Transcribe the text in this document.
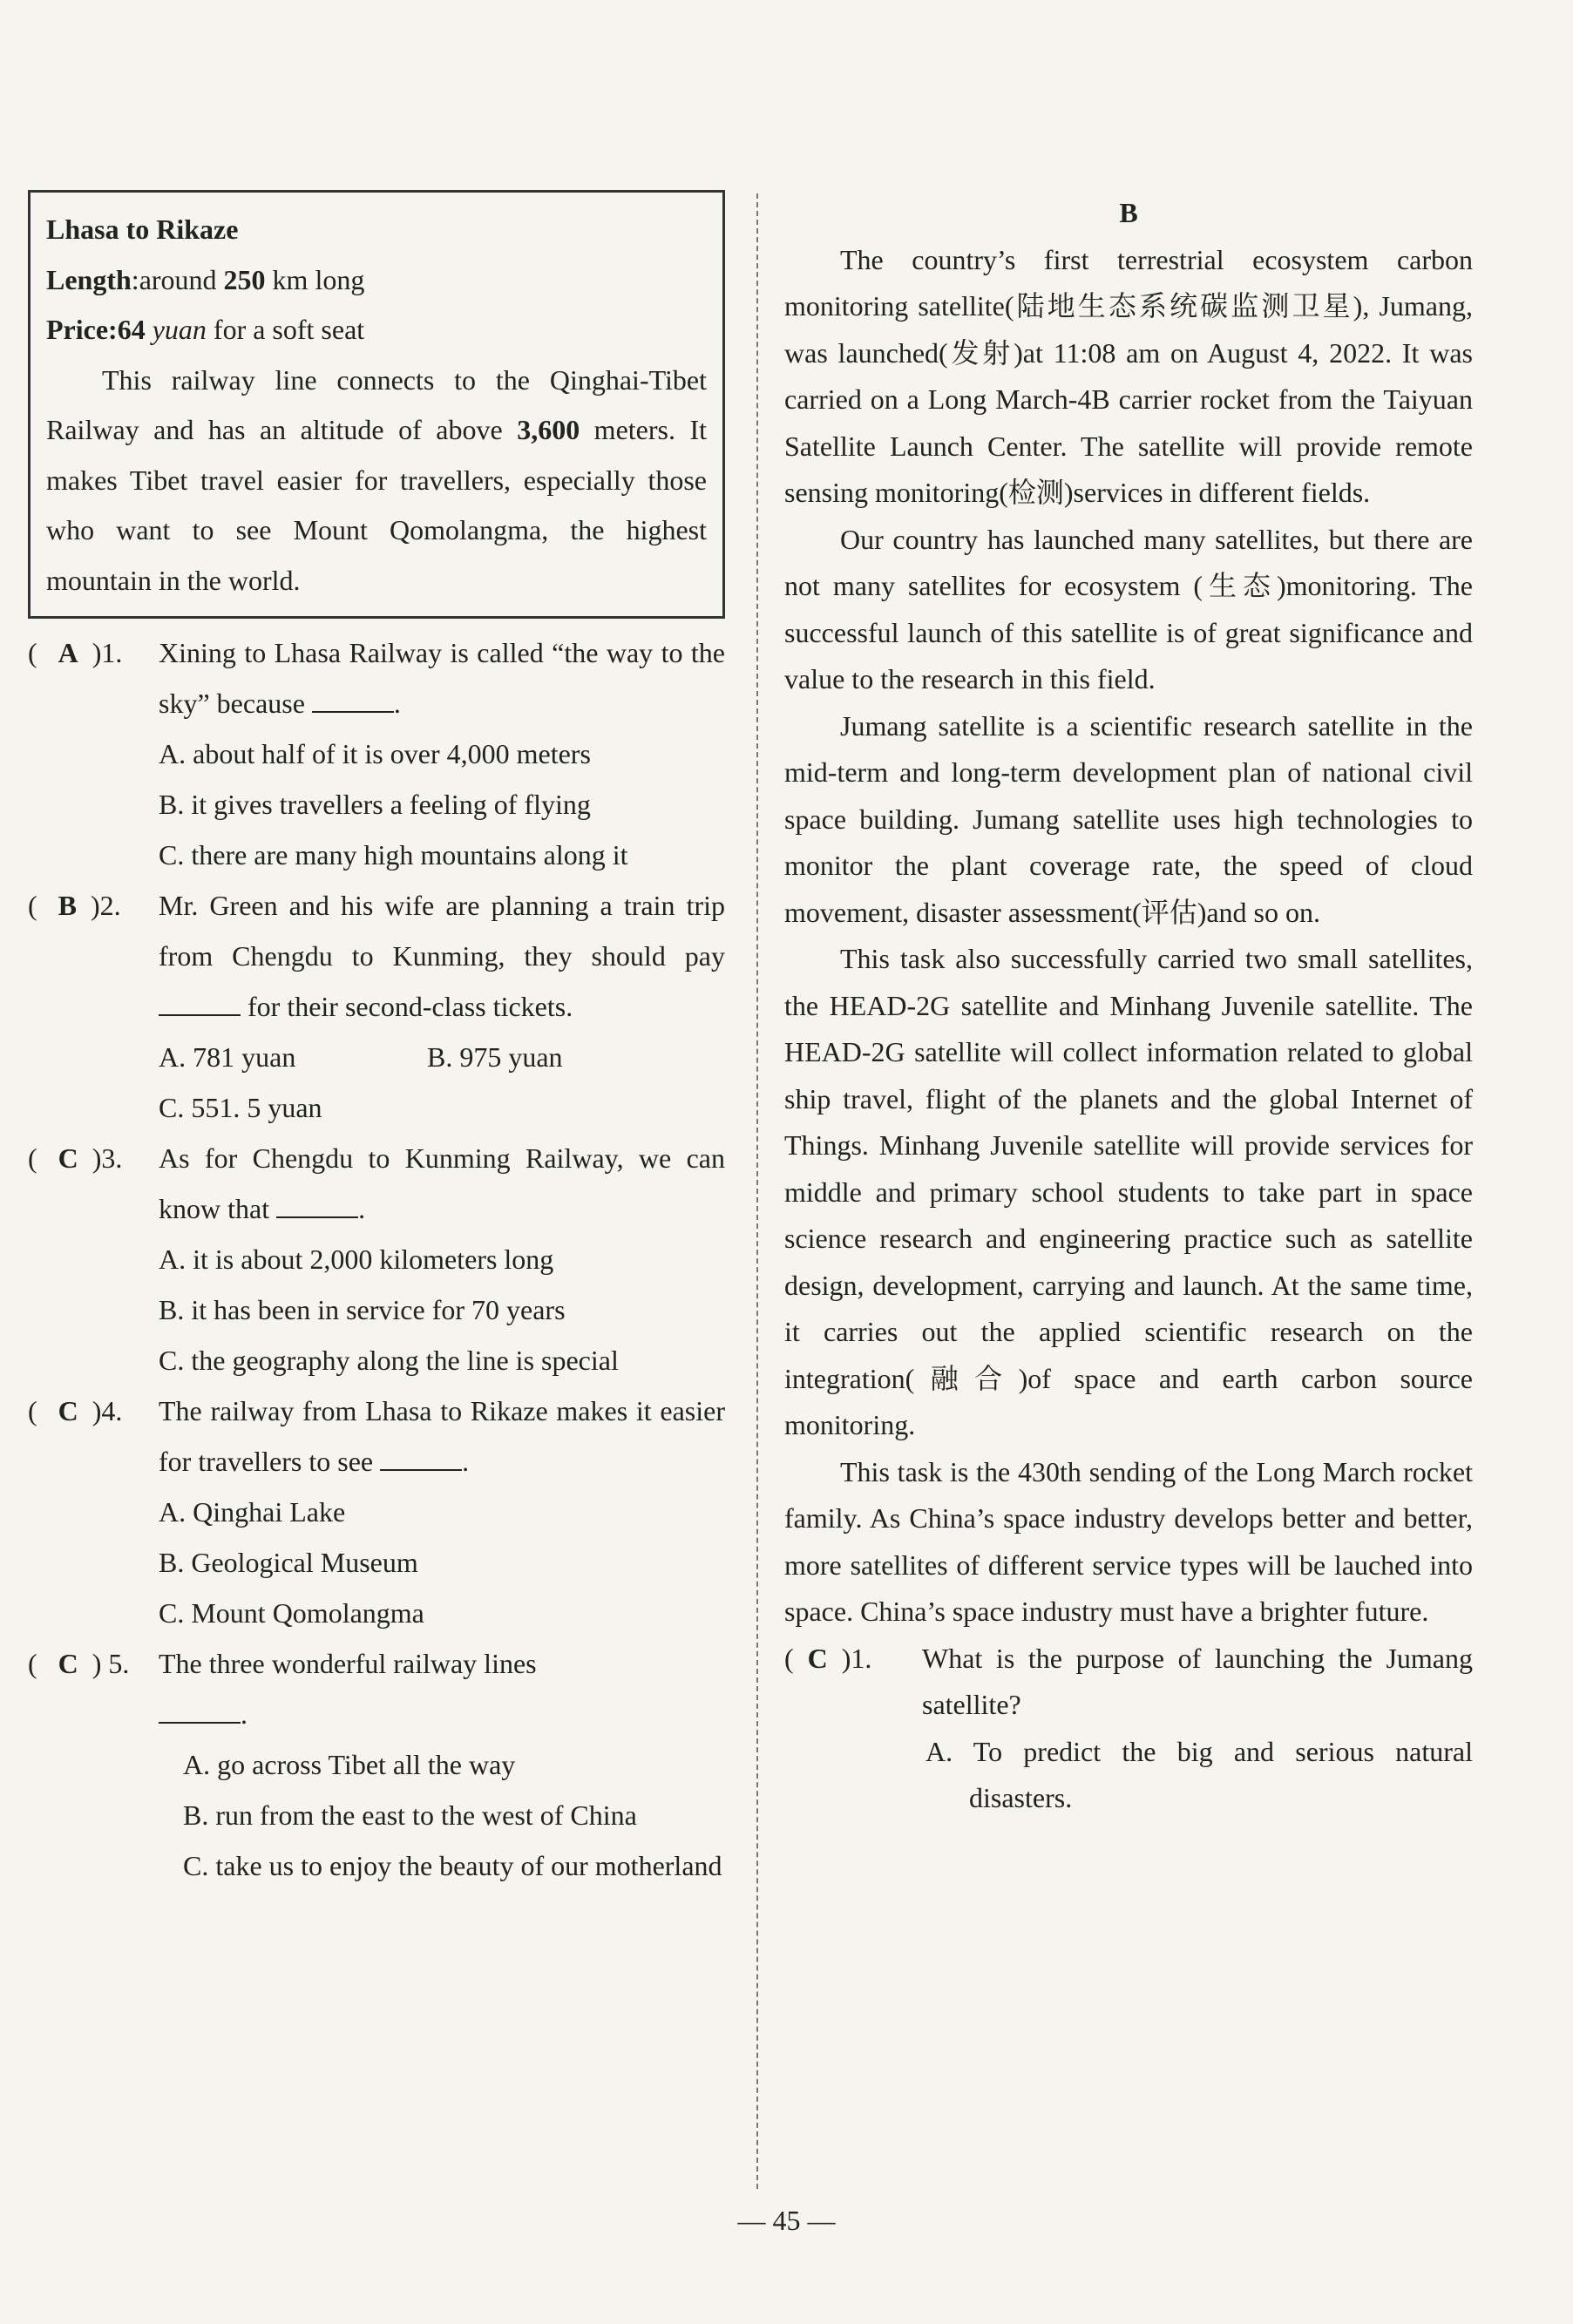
Lhasa to Rikaze
Length:around 250 km long
Price:64 yuan for a soft seat
This railway line connects to the Qinghai-Tibet Railway and has an altitude of above 3,600 meters. It makes Tibet travel easier for travellers, especially those who want to see Mount Qomolangma, the highest mountain in the world.
( A )1.	Xining to Lhasa Railway is called “the way to the sky” because	.
A. about half of it is over 4,000 meters
B. it gives travellers a feeling of flying
C. there are many high mountains along it
( B )2.	Mr. Green and his wife are planning a train trip from Chengdu to Kunming, they should pay  for their second-class tickets.
A. 781 yuan	B. 975 yuan
C. 551. 5 yuan
( C )3.	As for Chengdu to Kunming Railway, we can know that	.
A. it is about 2,000 kilometers long
B. it has been in service for 70 years
C. the geography along the line is special
( C )4.	The railway from Lhasa to Rikaze makes it easier for travellers to see	.
A. Qinghai Lake
B. Geological Museum
C. Mount Qomolangma
( C ) 5.	The three wonderful railway lines
.
A. go across Tibet all the way
B. run from the east to the west of China
C. take us to enjoy the beauty of our motherland
B

The country’s first terrestrial ecosystem carbon monitoring satellite(陆地生态系统碳监测卫星), Jumang, was launched(发射)at 11:08 am on August 4, 2022. It was carried on a Long March-4B carrier rocket from the Taiyuan Satellite Launch Center. The satellite will provide remote sensing monitoring(检测)services in different fields.

Our country has launched many satellites, but there are not many satellites for ecosystem (生态)monitoring. The successful launch of this satellite is of great significance and value to the research in this field.

Jumang satellite is a scientific research satellite in the mid-term and long-term development plan of national civil space building. Jumang satellite uses high technologies to monitor the plant coverage rate, the speed of cloud movement, disaster assessment(评估)and so on.

This task also successfully carried two small satellites, the HEAD-2G satellite and Minhang Juvenile satellite. The HEAD-2G satellite will collect information related to global ship travel, flight of the planets and the global Internet of Things. Minhang Juvenile satellite will provide services for middle and primary school students to take part in space science research and engineering practice such as satellite design, development, carrying and launch. At the same time, it carries out the applied scientific research on the integration(融合)of space and earth carbon source monitoring.

This task is the 430th sending of the Long March rocket family. As China’s space industry develops better and better, more satellites of different service types will be lauched into space. China’s space industry must have a brighter future.

( C )1.	What is the purpose of launching the Jumang satellite?
A. To predict the big and serious natural disasters.
— 45 —
